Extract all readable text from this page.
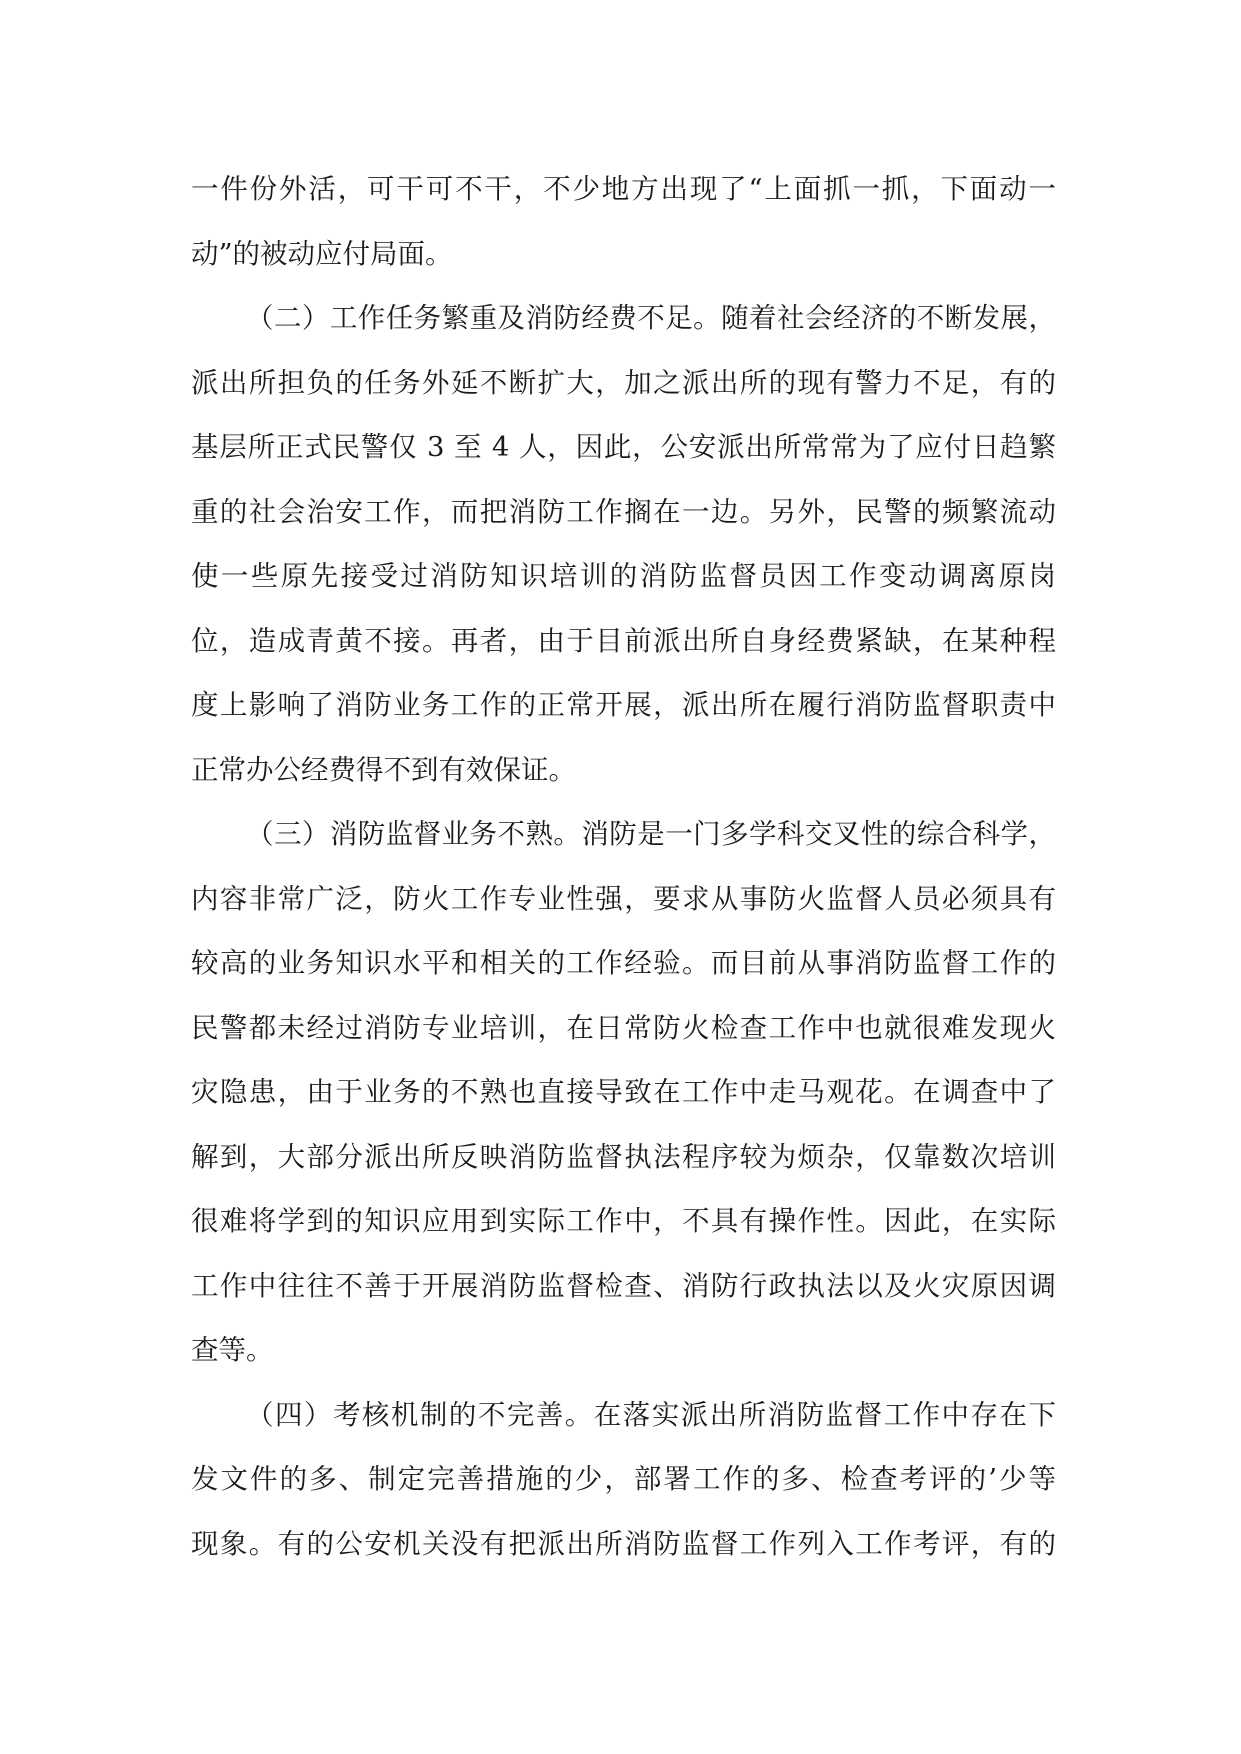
一件份外活，可干可不干，不少地方出现了“上面抓一抓，下面动一
动”的被动应付局面。
（二）工作任务繁重及消防经费不足。随着社会经济的不断发展，
派出所担负的任务外延不断扩大，加之派出所的现有警力不足，有的
基层所正式民警仅 3 至 4 人，因此，公安派出所常常为了应付日趋繁
重的社会治安工作，而把消防工作搁在一边。另外，民警的频繁流动
使一些原先接受过消防知识培训的消防监督员因工作变动调离原岗
位，造成青黄不接。再者，由于目前派出所自身经费紧缺，在某种程
度上影响了消防业务工作的正常开展，派出所在履行消防监督职责中
正常办公经费得不到有效保证。
（三）消防监督业务不熟。消防是一门多学科交叉性的综合科学，
内容非常广泛，防火工作专业性强，要求从事防火监督人员必须具有
较高的业务知识水平和相关的工作经验。而目前从事消防监督工作的
民警都未经过消防专业培训，在日常防火检查工作中也就很难发现火
灾隐患，由于业务的不熟也直接导致在工作中走马观花。在调查中了
解到，大部分派出所反映消防监督执法程序较为烦杂，仅靠数次培训
很难将学到的知识应用到实际工作中，不具有操作性。因此，在实际
工作中往往不善于开展消防监督检查、消防行政执法以及火灾原因调
查等。
（四）考核机制的不完善。在落实派出所消防监督工作中存在下
发文件的多、制定完善措施的少，部署工作的多、检查考评的’少等
现象。有的公安机关没有把派出所消防监督工作列入工作考评，有的
